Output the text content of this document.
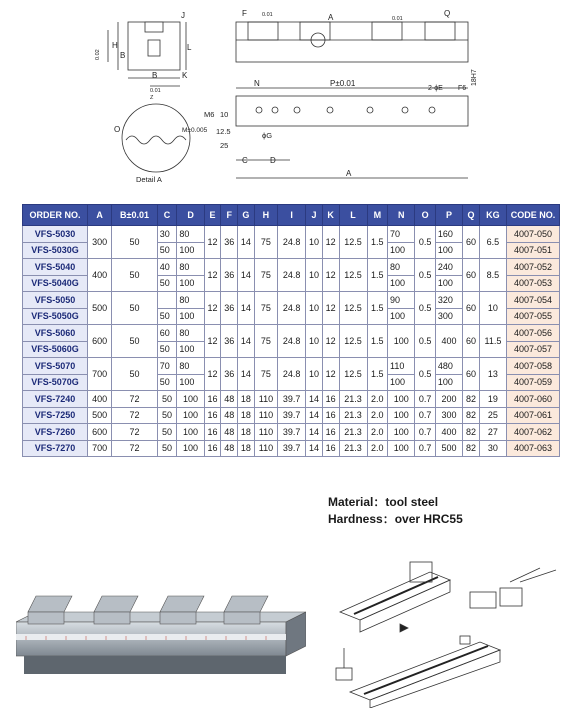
J
H
B
L
K
B
0.02
0.01
Z
F	0.01	A	0.01
Q
N	P±0.01
2-ϕE F6
18H7
M6 10
12.5
25
C	D
ϕG
A
O	M±0.005
Detail A
ORDER NO.	A	B±0.01	C	D	E	F	G	H	I	J	K	L	M	N	O	P	Q	KG	CODE NO.
VFS-5030	300	50	30	80	12	36	14	75	24.8	10	12	12.5	1.5	70	0.5	160	60	6.5	4007-050
VFS-5030G			50	100										100		100			4007-051
VFS-5040	400	50	40	80	12	36	14	75	24.8	10	12	12.5	1.5	80	0.5	240	60	8.5	4007-052
VFS-5040G			50	100										100		100			4007-053
VFS-5050	500	50		80	12	36	14	75	24.8	10	12	12.5	1.5	90	0.5	320	60	10	4007-054
VFS-5050G			50	100										100		300			4007-055
VFS-5060	600	50	60	80	12	36	14	75	24.8	10	12	12.5	1.5	100	0.5	400	60	11.5	4007-056
VFS-5060G			50	100															4007-057
VFS-5070	700	50	70	80	12	36	14	75	24.8	10	12	12.5	1.5	110	0.5	480	60	13	4007-058
VFS-5070G			50	100										100		100			4007-059
VFS-7240	400	72	50	100	16	48	18	110	39.7	14	16	21.3	2.0	100	0.7	200	82	19	4007-060
VFS-7250	500	72	50	100	16	48	18	110	39.7	14	16	21.3	2.0	100	0.7	300	82	25	4007-061
VFS-7260	600	72	50	100	16	48	18	110	39.7	14	16	21.3	2.0	100	0.7	400	82	27	4007-062
VFS-7270	700	72	50	100	16	48	18	110	39.7	14	16	21.3	2.0	100	0.7	500	82	30	4007-063
Material：tool steel
Hardness：over HRC55
